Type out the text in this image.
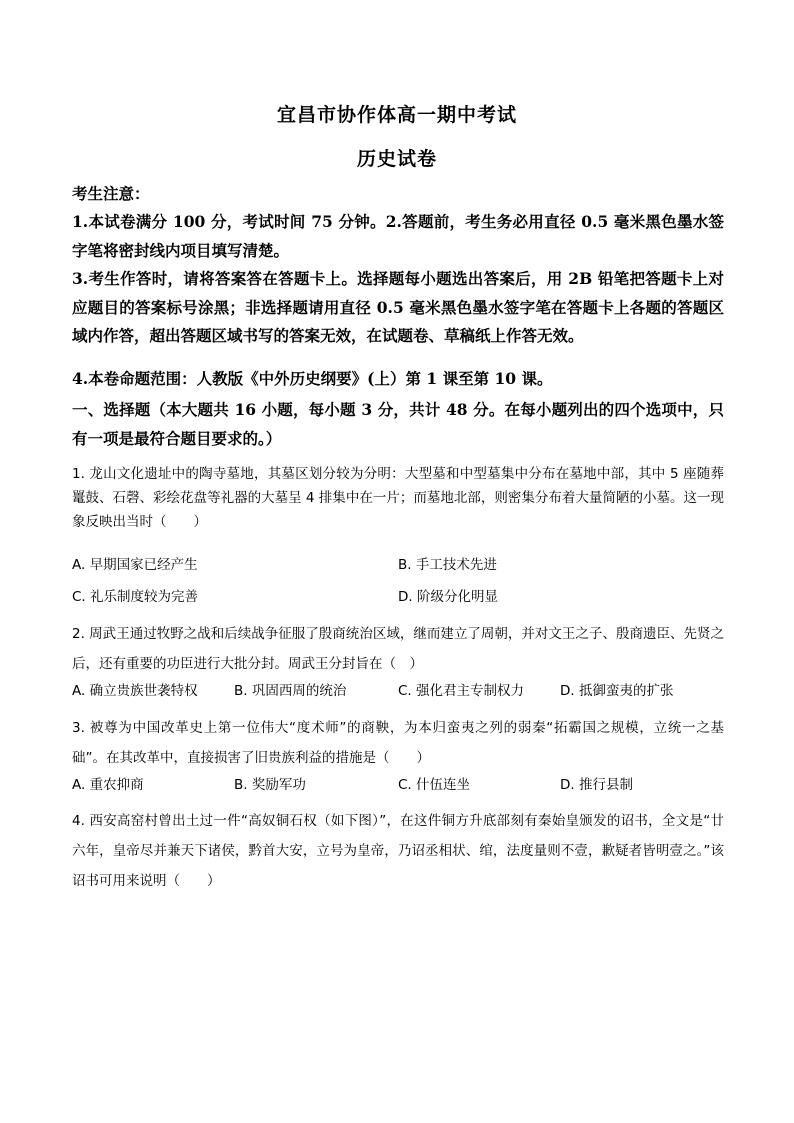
宜昌市协作体高一期中考试
历史试卷
考生注意：
1.本试卷满分 100 分，考试时间 75 分钟。2.答题前，考生务必用直径 0.5 毫米黑色墨水签字笔将密封线内项目填写清楚。
3.考生作答时，请将答案答在答题卡上。选择题每小题选出答案后，用 2B 铅笔把答题卡上对应题目的答案标号涂黑；非选择题请用直径 0.5 毫米黑色墨水签字笔在答题卡上各题的答题区域内作答，超出答题区域书写的答案无效，在试题卷、草稿纸上作答无效。
4.本卷命题范围：人教版《中外历史纲要》(上）第 1 课至第 10 课。
一、选择题（本大题共 16 小题，每小题 3 分，共计 48 分。在每小题列出的四个选项中，只有一项是最符合题目要求的。）
1. 龙山文化遗址中的陶寺墓地，其墓区划分较为分明：大型墓和中型墓集中分布在墓地中部，其中 5 座随葬鼍鼓、石磬、彩绘花盘等礼器的大墓呈 4 排集中在一片；而墓地北部，则密集分布着大量简陋的小墓。这一现象反映出当时（　　）
A. 早期国家已经产生	B. 手工技术先进
C. 礼乐制度较为完善	D. 阶级分化明显
2. 周武王通过牧野之战和后续战争征服了殷商统治区域，继而建立了周朝，并对文王之子、殷商遗臣、先贤之后，还有重要的功臣进行大批分封。周武王分封旨在（　）
A. 确立贵族世袭特权	B. 巩固西周的统治	C. 强化君主专制权力	D. 抵御蛮夷的扩张
3. 被尊为中国改革史上第一位伟大“度术师”的商鞅，为本归蛮夷之列的弱秦“拓霸国之规模，立统一之基础”。在其改革中，直接损害了旧贵族利益的措施是（　　）
A. 重农抑商	B. 奖励军功	C. 什伍连坐	D. 推行县制
4. 西安高窑村曾出土过一件“高奴铜石权（如下图）”，在这件铜方升底部刻有秦始皇颁发的诏书，全文是“廿六年，皇帝尽并兼天下诸侯，黔首大安，立号为皇帝，乃诏丞相状、绾，法度量则不壹，歉疑者皆明壹之。”该诏书可用来说明（　　）
